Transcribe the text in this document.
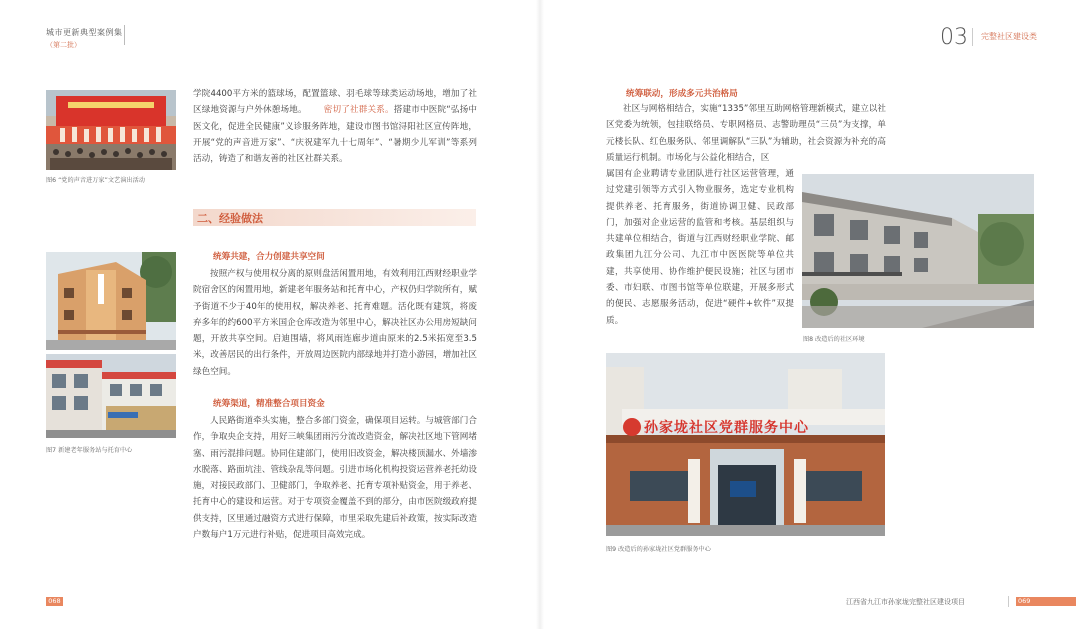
城市更新典型案例集
（第二批）	03 完整社区建设类
图6 “党的声音进万家”文艺演出活动
图7 新建老年服务站与托育中心
学院4400平方米的篮球场，配置篮球、羽毛球等球类运动场地，增加了社区绿地资源与户外休憩场地。 密切了社群关系。搭建市中医院“弘扬中医文化，促进全民健康”义诊服务阵地，建设市图书馆浔阳社区宣传阵地，开展“党的声音进万家”、“庆祝建军九十七周年”、“暑期少儿军训”等系列活动，铸造了和谐友善的社区社群关系。
二、经验做法
统筹共建，合力创建共享空间
按照产权与使用权分离的原则盘活闲置用地，有效利用江西财经职业学院宿舍区的闲置用地，新建老年服务站和托育中心，产权仍归学院所有，赋予街道不少于40年的使用权，解决养老、托育难题。活化既有建筑，将废弃多年的约600平方米国企仓库改造为邻里中心，解决社区办公用房短缺问题，开放共享空间。启迪围墙，将风雨连廊步道由原来的2.5米拓宽至3.5米，改善居民的出行条件，开放周边医院内部绿地并打造小游园，增加社区绿色空间。
统筹渠道，精准整合项目资金
人民路街道牵头实施，整合多部门资金，确保项目运转。与城管部门合作，争取央企支持，用好三峡集团雨污分流改造资金，解决社区地下管网堵塞、雨污混排问题。协同住建部门，使用旧改资金，解决楼顶漏水、外墙渗水脱落、路面坑洼、管线杂乱等问题。引进市场化机构投资运营养老托幼设施，对接民政部门、卫健部门，争取养老、托育专项补贴资金，用于养老、托育中心的建设和运营。对于专项资金覆盖不到的部分，由市医院级政府提供支持，区里通过融资方式进行保障，市里采取先建后补政策，按实际改造户数每户1万元进行补贴，促进项目高效完成。
统筹联动，形成多元共治格局
社区与网格相结合，实施“1335”邻里互助网格管理新模式，建立以社区党委为统领，包挂联络员、专职网格员、志警助理员“三员”为支撑，单元楼长队、红色服务队、邻里调解队“三队”为辅助，社会资源为补充的高质量运行机制。市场化与公益化相结合，区
属国有企业聘请专业团队进行社区运营管理，通过党建引领等方式引入物业服务，选定专业机构提供养老、托育服务，街道协调卫健、民政部门，加强对企业运营的监管和考核。基层组织与共建单位相结合，街道与江西财经职业学院、邮政集团九江分公司、九江市中医医院等单位共建，共享使用、协作维护便民设施；社区与团市委、市妇联、市图书馆等单位联建，开展多形式的便民、志愿服务活动，促进“硬件+软件”双提质。
图8 改造后的社区环境
孙家垅社区党群服务中心
图9 改造后的孙家垅社区党群服务中心
068	江西省九江市孙家垅完整社区建设项目	069
